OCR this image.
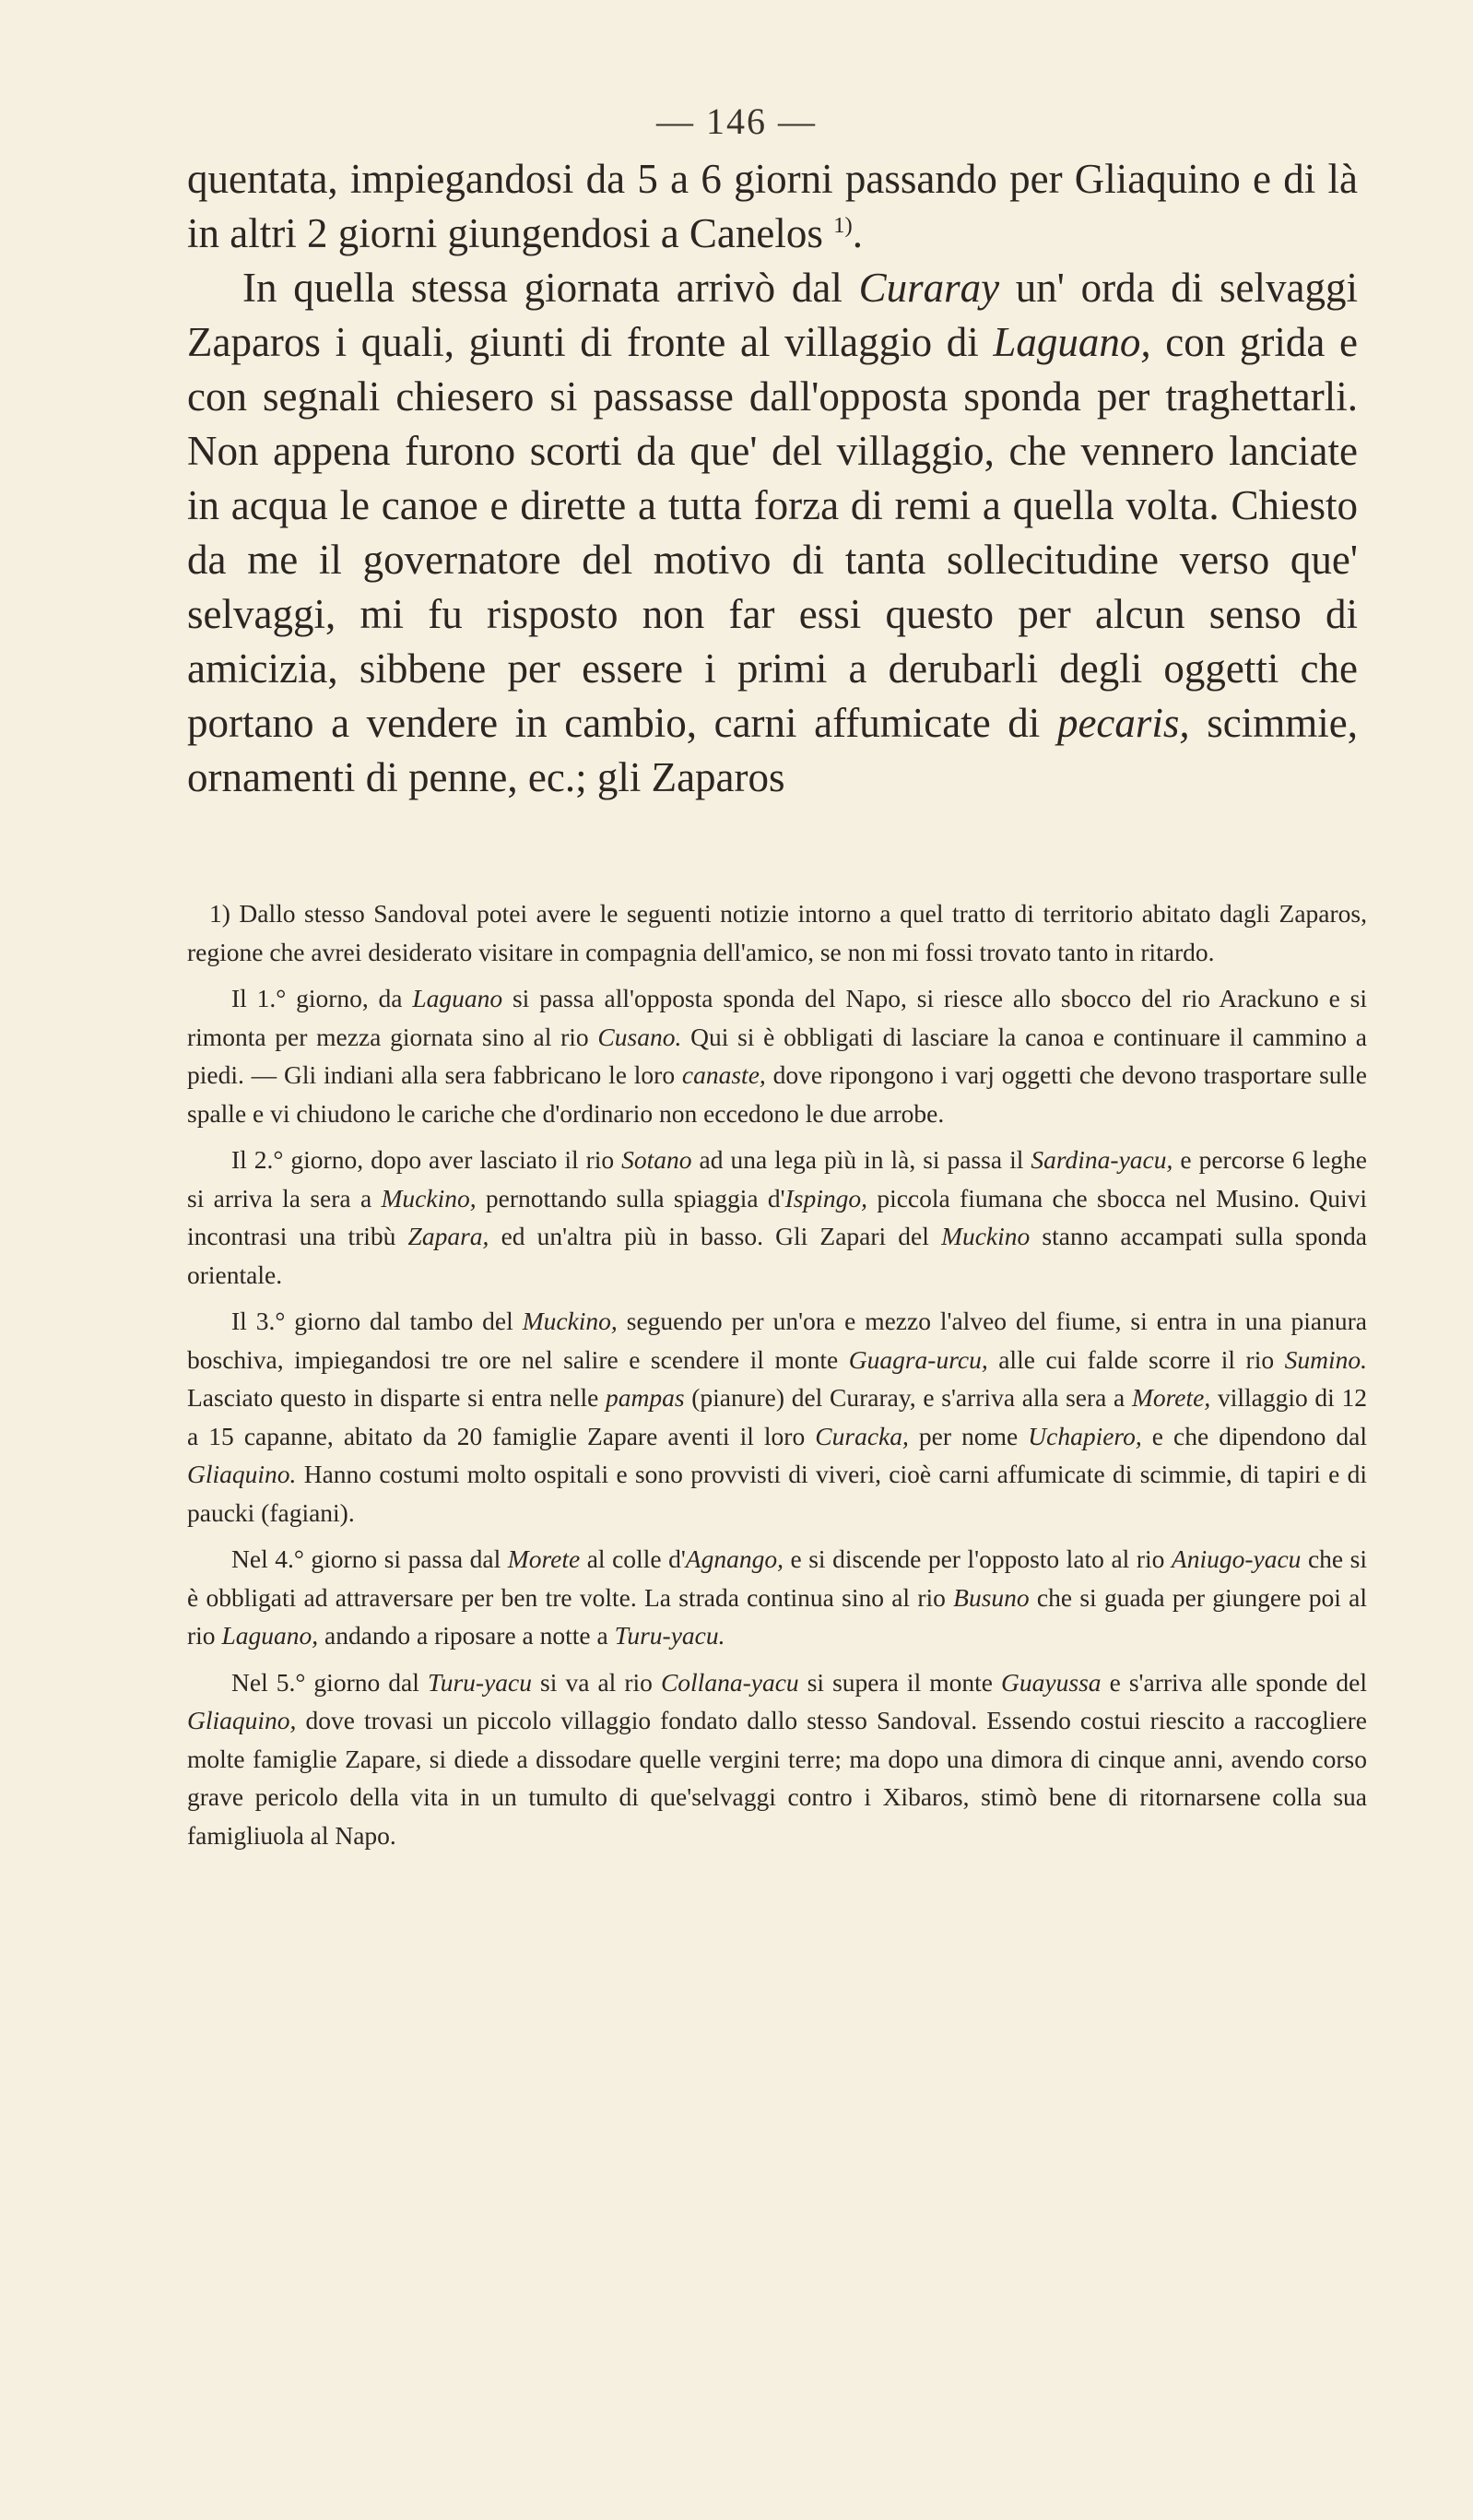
— 146 —

quentata, impiegandosi da 5 a 6 giorni passando per Gliaquino e di là in altri 2 giorni giungendosi a Canelos $^{1)}$.

In quella stessa giornata arrivò dal Curaray un' orda di selvaggi Zaparos i quali, giunti di fronte al villaggio di Laguano, con grida e con segnali chiesero si passasse dall'opposta sponda per traghettarli. Non appena furono scorti da que' del villaggio, che vennero lanciate in acqua le canoe e dirette a tutta forza di remi a quella volta. Chiesto da me il governatore del motivo di tanta sollecitudine verso que' selvaggi, mi fu risposto non far essi questo per alcun senso di amicizia, sibbene per essere i primi a derubarli degli oggetti che portano a vendere in cambio, carni affumicate di pecaris, scimmie, ornamenti di penne, ec.; gli Zaparos

1) Dallo stesso Sandoval potei avere le seguenti notizie intorno a quel tratto di territorio abitato dagli Zaparos, regione che avrei desiderato visitare in compagnia dell'amico, se non mi fossi trovato tanto in ritardo.

Il 1.° giorno, da Laguano si passa all'opposta sponda del Napo, si riesce allo sbocco del rio Arackuno e si rimonta per mezza giornata sino al rio Cusano. Qui si è obbligati di lasciare la canoa e continuare il cammino a piedi. — Gli indiani alla sera fabbricano le loro canaste, dove ripongono i varj oggetti che devono trasportare sulle spalle e vi chiudono le cariche che d'ordinario non eccedono le due arrobe.

Il 2.° giorno, dopo aver lasciato il rio Sotano ad una lega più in là, si passa il Sardina-yacu, e percorse 6 leghe si arriva la sera a Muckino, pernottando sulla spiaggia d'Ispingo, piccola fiumana che sbocca nel Musino. Quivi incontrasi una tribù Zapara, ed un'altra più in basso. Gli Zapari del Muckino stanno accampati sulla sponda orientale.

Il 3.° giorno dal tambo del Muckino, seguendo per un'ora e mezzo l'alveo del fiume, si entra in una pianura boschiva, impiegandosi tre ore nel salire e scendere il monte Guagra-urcu, alle cui falde scorre il rio Sumino. Lasciato questo in disparte si entra nelle pampas (pianure) del Curaray, e s'arriva alla sera a Morete, villaggio di 12 a 15 capanne, abitato da 20 famiglie Zapare aventi il loro Curacka, per nome Uchapiero, e che dipendono dal Gliaquino. Hanno costumi molto ospitali e sono provvisti di viveri, cioè carni affumicate di scimmie, di tapiri e di paucki (fagiani).

Nel 4.° giorno si passa dal Morete al colle d'Agnango, e si discende per l'opposto lato al rio Aniugo-yacu che si è obbligati ad attraversare per ben tre volte. La strada continua sino al rio Busuno che si guada per giungere poi al rio Laguano, andando a riposare a notte a Turu-yacu.

Nel 5.° giorno dal Turu-yacu si va al rio Collana-yacu si supera il monte Guayussa e s'arriva alle sponde del Gliaquino, dove trovasi un piccolo villaggio fondato dallo stesso Sandoval. Essendo costui riescito a raccogliere molte famiglie Zapare, si diede a dissodare quelle vergini terre; ma dopo una dimora di cinque anni, avendo corso grave pericolo della vita in un tumulto di que'selvaggi contro i Xibaros, stimò bene di ritornarsene colla sua famigliuola al Napo.
